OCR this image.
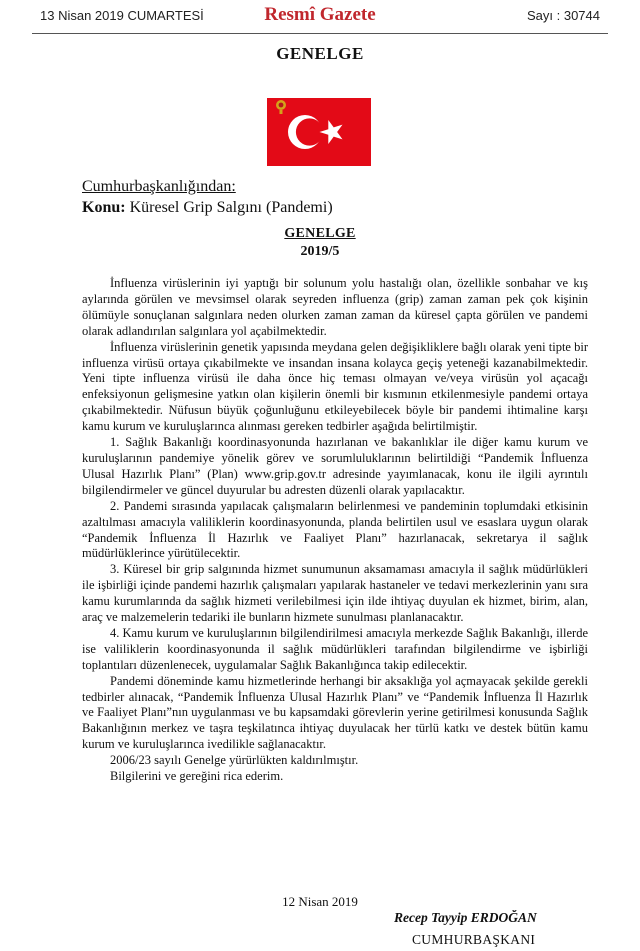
13 Nisan 2019 CUMARTESİ	Resmî Gazete	Sayı : 30744
GENELGE
Cumhurbaşkanlığından:
Konu: Küresel Grip Salgını (Pandemi)
GENELGE
2019/5

İnfluenza virüslerinin iyi yaptığı bir solunum yolu hastalığı olan, özellikle sonbahar ve kış aylarında görülen ve mevsimsel olarak seyreden influenza (grip) zaman zaman pek çok kişinin ölümüyle sonuçlanan salgınlara neden olurken zaman zaman da küresel çapta görülen ve pandemi olarak adlandırılan salgınlara yol açabilmektedir.

İnfluenza virüslerinin genetik yapısında meydana gelen değişikliklere bağlı olarak yeni tipte bir influenza virüsü ortaya çıkabilmekte ve insandan insana kolayca geçiş yeteneği kazanabilmektedir. Yeni tipte influenza virüsü ile daha önce hiç teması olmayan ve/veya virüsün yol açacağı enfeksiyonun gelişmesine yatkın olan kişilerin önemli bir kısmının etkilenmesiyle pandemi ortaya çıkabilmektedir. Nüfusun büyük çoğunluğunu etkileyebilecek böyle bir pandemi ihtimaline karşı kamu kurum ve kuruluşlarınca alınması gereken tedbirler aşağıda belirtilmiştir.

1. Sağlık Bakanlığı koordinasyonunda hazırlanan ve bakanlıklar ile diğer kamu kurum ve kuruluşlarının pandemiye yönelik görev ve sorumluluklarının belirtildiği “Pandemik İnfluenza Ulusal Hazırlık Planı” (Plan) www.grip.gov.tr adresinde yayımlanacak, konu ile ilgili ayrıntılı bilgilendirmeler ve güncel duyurular bu adresten düzenli olarak yapılacaktır.

2. Pandemi sırasında yapılacak çalışmaların belirlenmesi ve pandeminin toplumdaki etkisinin azaltılması amacıyla valiliklerin koordinasyonunda, planda belirtilen usul ve esaslara uygun olarak “Pandemik İnfluenza İl Hazırlık ve Faaliyet Planı” hazırlanacak, sekretarya il sağlık müdürlüklerince yürütülecektir.

3. Küresel bir grip salgınında hizmet sunumunun aksamaması amacıyla il sağlık müdürlükleri ile işbirliği içinde pandemi hazırlık çalışmaları yapılarak hastaneler ve tedavi merkezlerinin yanı sıra kamu kurumlarında da sağlık hizmeti verilebilmesi için ilde ihtiyaç duyulan ek hizmet, birim, alan, araç ve malzemelerin tedariki ile bunların hizmete sunulması planlanacaktır.

4. Kamu kurum ve kuruluşlarının bilgilendirilmesi amacıyla merkezde Sağlık Bakanlığı, illerde ise valiliklerin koordinasyonunda il sağlık müdürlükleri tarafından bilgilendirme ve işbirliği toplantıları düzenlenecek, uygulamalar Sağlık Bakanlığınca takip edilecektir.

Pandemi döneminde kamu hizmetlerinde herhangi bir aksaklığa yol açmayacak şekilde gerekli tedbirler alınacak, “Pandemik İnfluenza Ulusal Hazırlık Planı” ve “Pandemik İnfluenza İl Hazırlık ve Faaliyet Planı”nın uygulanması ve bu kapsamdaki görevlerin yerine getirilmesi konusunda Sağlık Bakanlığının merkez ve taşra teşkilatınca ihtiyaç duyulacak her türlü katkı ve destek bütün kamu kurum ve kuruluşlarınca ivedilikle sağlanacaktır.

2006/23 sayılı Genelge yürürlükten kaldırılmıştır.

Bilgilerini ve gereğini rica ederim.

12 Nisan 2019
Recep Tayyip ERDOĞAN
CUMHURBAŞKANI
